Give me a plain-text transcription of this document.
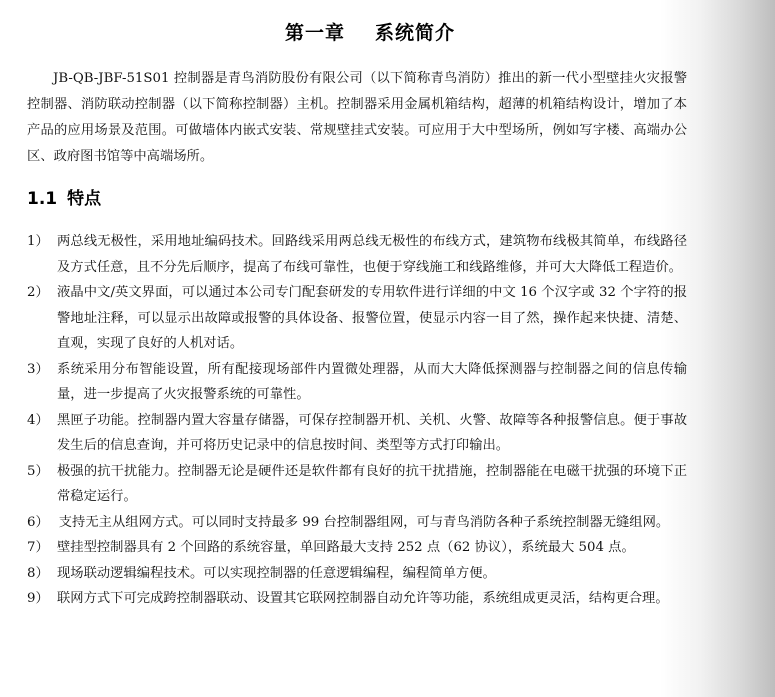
第一章 系统简介

JB-QB-JBF-51S01 控制器是青鸟消防股份有限公司（以下简称青鸟消防）推出的新一代小型壁挂火灾报警控制器、消防联动控制器（以下简称控制器）主机。控制器采用金属机箱结构，超薄的机箱结构设计，增加了本产品的应用场景及范围。可做墙体内嵌式安装、常规壁挂式安装。可应用于大中型场所，例如写字楼、高端办公区、政府图书馆等中高端场所。

1.1 特点
1） 两总线无极性，采用地址编码技术。回路线采用两总线无极性的布线方式，建筑物布线极其简单，布线路径及方式任意，且不分先后顺序，提高了布线可靠性，也便于穿线施工和线路维修，并可大大降低工程造价。
2） 液晶中文/英文界面，可以通过本公司专门配套研发的专用软件进行详细的中文 16 个汉字或 32 个字符的报警地址注释，可以显示出故障或报警的具体设备、报警位置，使显示内容一目了然，操作起来快捷、清楚、直观，实现了良好的人机对话。
3） 系统采用分布智能设置，所有配接现场部件内置微处理器，从而大大降低探测器与控制器之间的信息传输量，进一步提高了火灾报警系统的可靠性。
4） 黑匣子功能。控制器内置大容量存储器，可保存控制器开机、关机、火警、故障等各种报警信息。便于事故发生后的信息查询，并可将历史记录中的信息按时间、类型等方式打印输出。
5） 极强的抗干扰能力。控制器无论是硬件还是软件都有良好的抗干扰措施，控制器能在电磁干扰强的环境下正常稳定运行。
6） 支持无主从组网方式。可以同时支持最多 99 台控制器组网，可与青鸟消防各种子系统控制器无缝组网。
7） 壁挂型控制器具有 2 个回路的系统容量，单回路最大支持 252 点（62 协议），系统最大 504 点。
8） 现场联动逻辑编程技术。可以实现控制器的任意逻辑编程，编程简单方便。
9） 联网方式下可完成跨控制器联动、设置其它联网控制器自动允许等功能，系统组成更灵活，结构更合理。
